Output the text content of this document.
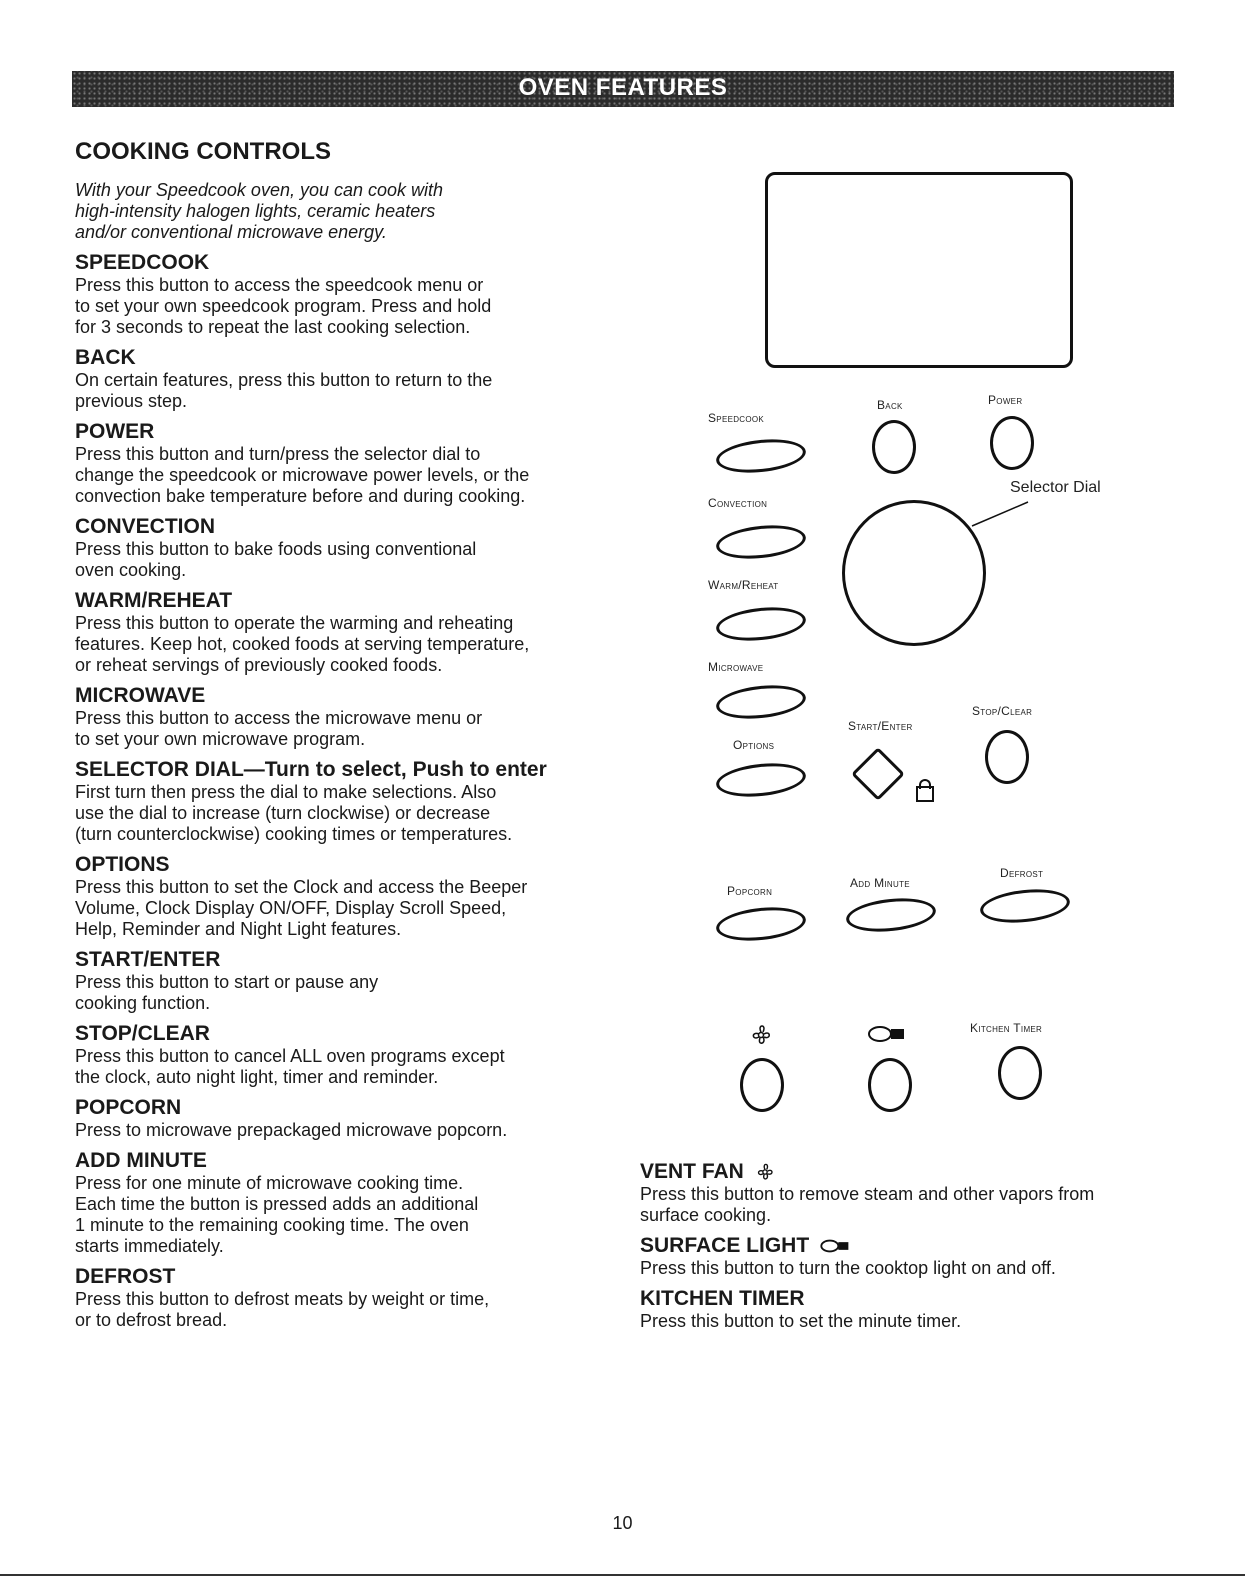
OVEN FEATURES
COOKING CONTROLS

With your Speedcook oven, you can cook with
high-intensity halogen lights, ceramic heaters
and/or conventional microwave energy.

SPEEDCOOK

Press this button to access the speedcook menu or
to set your own speedcook program. Press and hold
for 3 seconds to repeat the last cooking selection.

BACK

On certain features, press this button to return to the
previous step.

POWER

Press this button and turn/press the selector dial to
change the speedcook or microwave power levels, or the
convection bake temperature before and during cooking.

CONVECTION

Press this button to bake foods using conventional
oven cooking.

WARM/REHEAT

Press this button to operate the warming and reheating
features. Keep hot, cooked foods at serving temperature,
or reheat servings of previously cooked foods.

MICROWAVE

Press this button to access the microwave menu or
to set your own microwave program.

SELECTOR DIAL—Turn to select, Push to enter

First turn then press the dial to make selections. Also
use the dial to increase (turn clockwise) or decrease
(turn counterclockwise) cooking times or temperatures.

OPTIONS

Press this button to set the Clock and access the Beeper
Volume, Clock Display ON/OFF, Display Scroll Speed,
Help, Reminder and Night Light features.

START/ENTER

Press this button to start or pause any
cooking function.

STOP/CLEAR

Press this button to cancel ALL oven programs except
the clock, auto night light, timer and reminder.

POPCORN

Press to microwave prepackaged microwave popcorn.

ADD MINUTE

Press for one minute of microwave cooking time.
Each time the button is pressed adds an additional
1 minute to the remaining cooking time. The oven
starts immediately.

DEFROST

Press this button to defrost meats by weight or time,
or to defrost bread.

Speedcook
Back	Power
Selector Dial
Convection
Warm/Reheat
Microwave
Start/Enter
Stop/Clear
Options
Popcorn
Add Minute
Defrost
Kitchen Timer
VENT FAN

Press this button to remove steam and other vapors from
surface cooking.

SURFACE LIGHT

Press this button to turn the cooktop light on and off.

KITCHEN TIMER

Press this button to set the minute timer.

10
